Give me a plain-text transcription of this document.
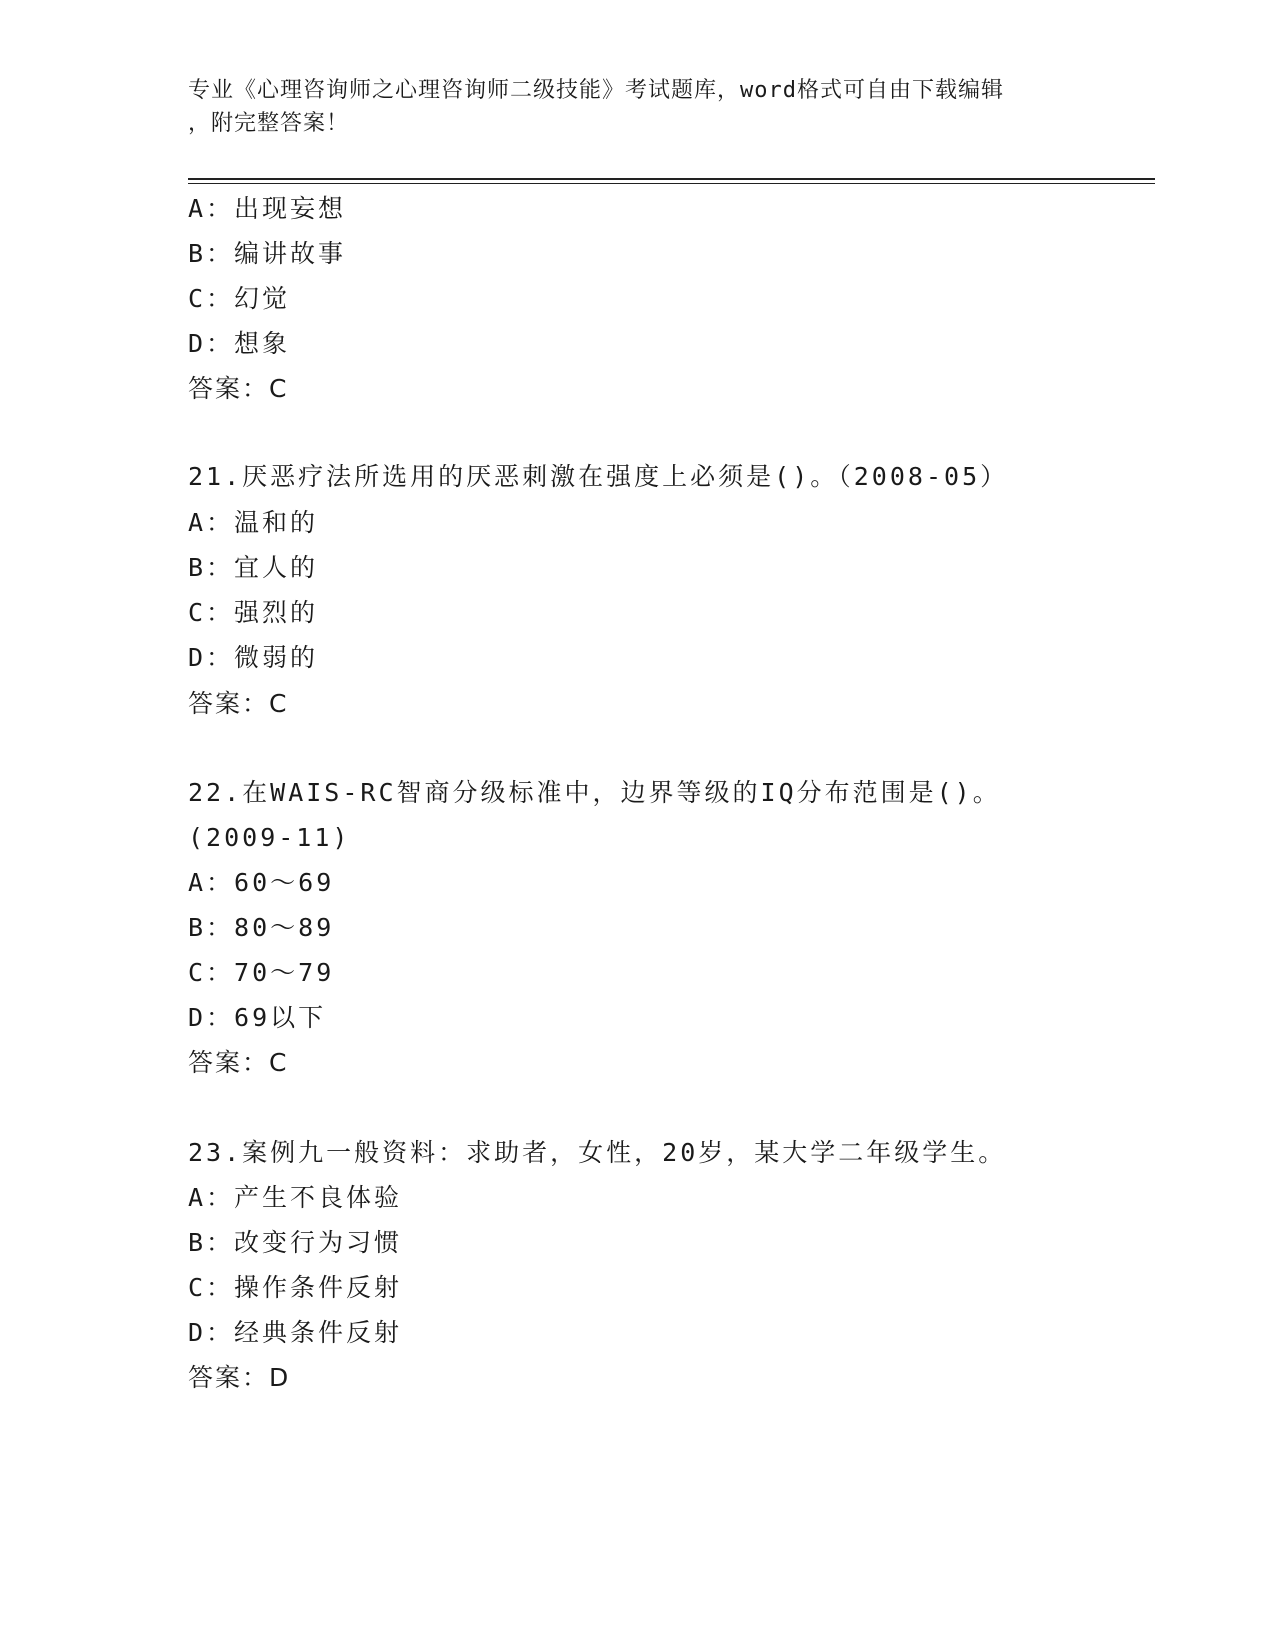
专业《心理咨询师之心理咨询师二级技能》考试题库，word格式可自由下载编辑
，附完整答案！
A：出现妄想
B：编讲故事
C：幻觉
D：想象
答案：C
21.厌恶疗法所选用的厌恶刺激在强度上必须是()。（2008-05）
A：温和的
B：宜人的
C：强烈的
D：微弱的
答案：C
22.在WAIS-RC智商分级标准中，边界等级的IQ分布范围是()。
(2009-11)
A：60～69
B：80～89
C：70～79
D：69以下
答案：C
23.案例九一般资料：求助者，女性，20岁，某大学二年级学生。
A：产生不良体验
B：改变行为习惯
C：操作条件反射
D：经典条件反射
答案：D
